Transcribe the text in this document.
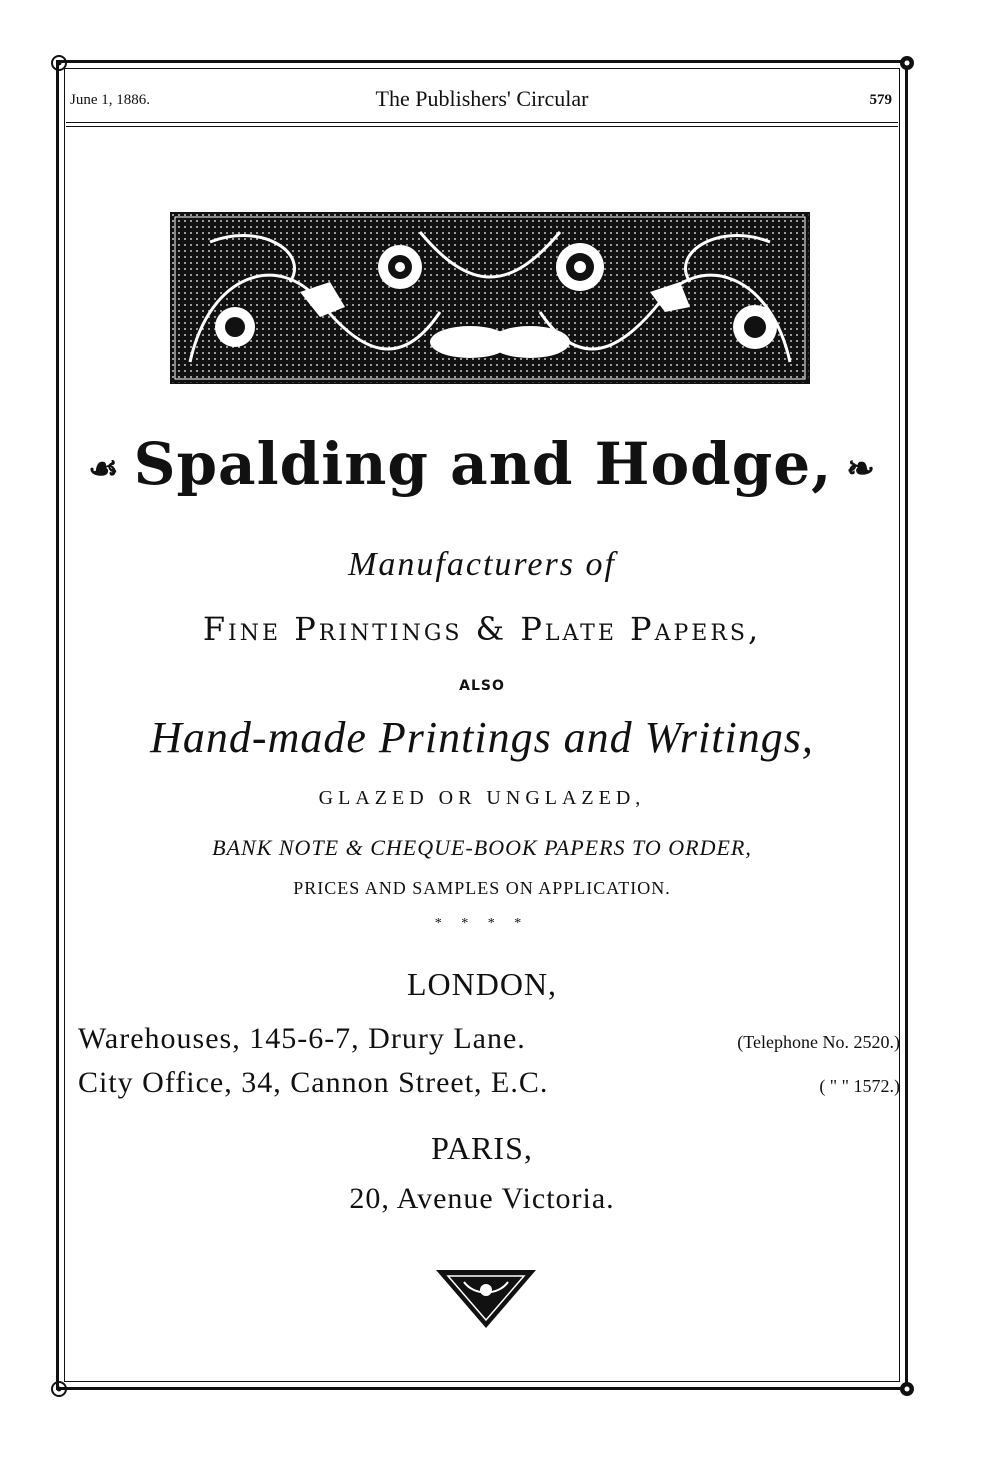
June 1, 1886.	The Publishers' Circular	579
☙ Spalding and Hodge, ❧
Manufacturers of
Fine Printings & Plate Papers,
ALSO
Hand-made Printings and Writings,
GLAZED OR UNGLAZED,
BANK NOTE & CHEQUE-BOOK PAPERS TO ORDER,
PRICES AND SAMPLES ON APPLICATION.
* * * *
LONDON,
Warehouses, 145-6-7, Drury Lane.	(Telephone No. 2520.)
City Office, 34, Cannon Street, E.C.	( " " 1572.)
PARIS,
20, Avenue Victoria.
